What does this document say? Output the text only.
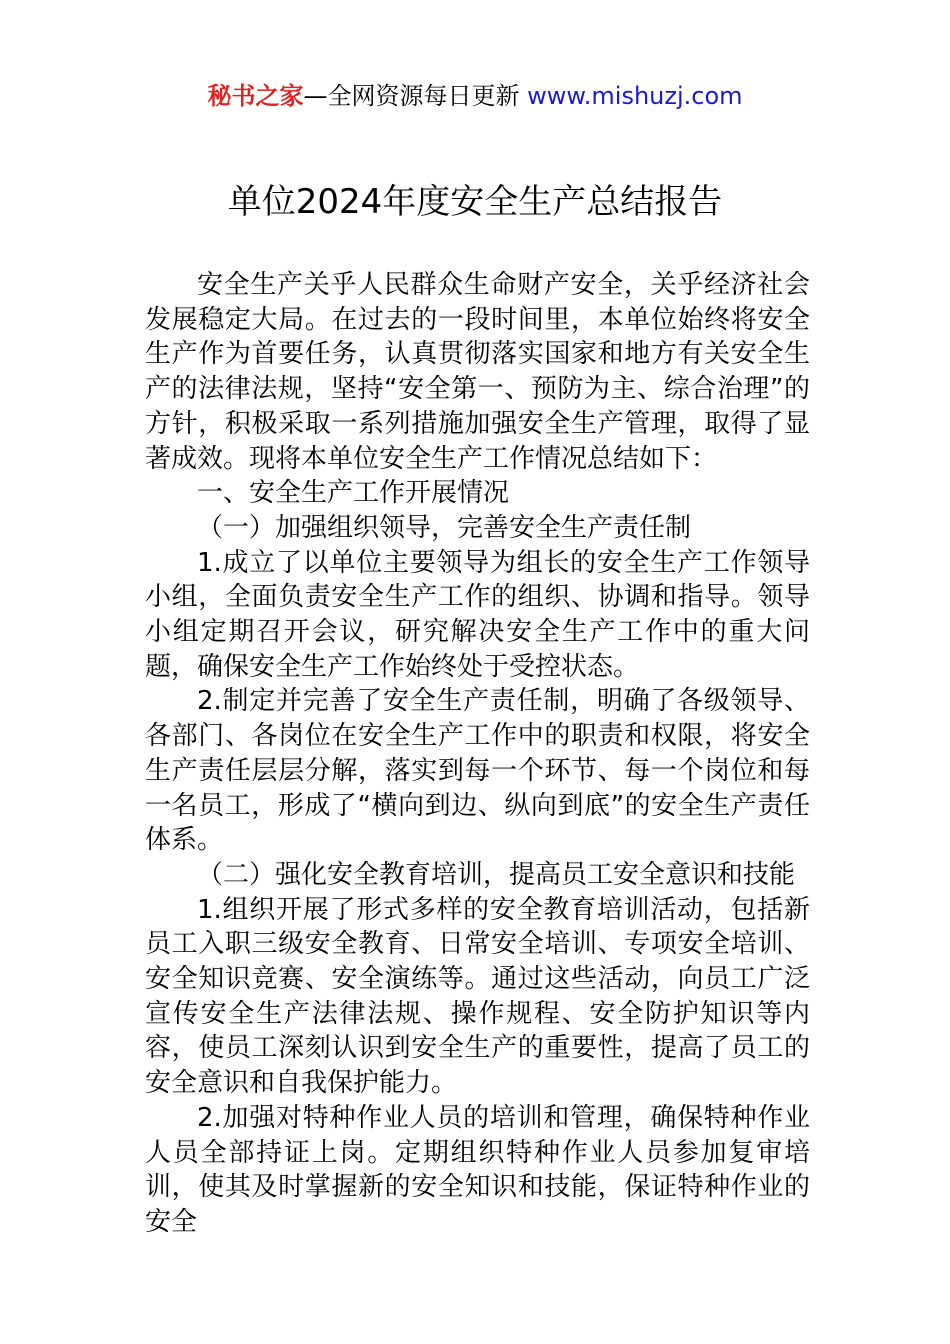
秘书之家—全网资源每日更新 www.mishuzj.com
单位2024年度安全生产总结报告

安全生产关乎人民群众生命财产安全，关乎经济社会发展稳定大局。在过去的一段时间里，本单位始终将安全生产作为首要任务，认真贯彻落实国家和地方有关安全生产的法律法规，坚持“安全第一、预防为主、综合治理”的方针，积极采取一系列措施加强安全生产管理，取得了显著成效。现将本单位安全生产工作情况总结如下：

一、安全生产工作开展情况

（一）加强组织领导，完善安全生产责任制

1.成立了以单位主要领导为组长的安全生产工作领导小组，全面负责安全生产工作的组织、协调和指导。领导小组定期召开会议，研究解决安全生产工作中的重大问题，确保安全生产工作始终处于受控状态。

2.制定并完善了安全生产责任制，明确了各级领导、各部门、各岗位在安全生产工作中的职责和权限，将安全生产责任层层分解，落实到每一个环节、每一个岗位和每一名员工，形成了“横向到边、纵向到底”的安全生产责任体系。

（二）强化安全教育培训，提高员工安全意识和技能

1.组织开展了形式多样的安全教育培训活动，包括新员工入职三级安全教育、日常安全培训、专项安全培训、安全知识竞赛、安全演练等。通过这些活动，向员工广泛宣传安全生产法律法规、操作规程、安全防护知识等内容，使员工深刻认识到安全生产的重要性，提高了员工的安全意识和自我保护能力。

2.加强对特种作业人员的培训和管理，确保特种作业人员全部持证上岗。定期组织特种作业人员参加复审培训，使其及时掌握新的安全知识和技能，保证特种作业的安全
